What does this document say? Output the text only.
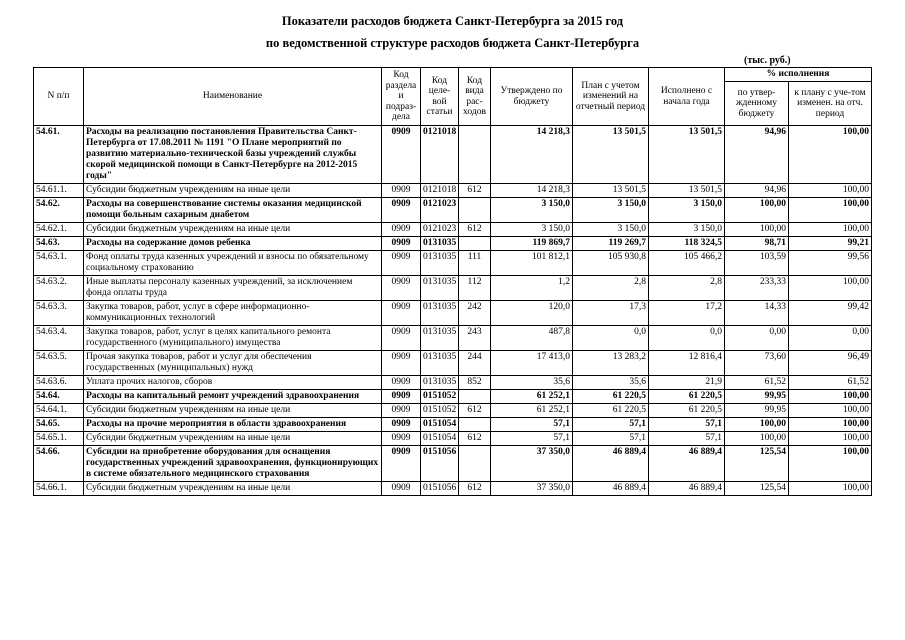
Показатели расходов бюджета Санкт-Петербурга за 2015 год
по ведомственной структуре расходов бюджета Санкт-Петербурга
(тыс. руб.)
N п/п	Наименование	Код раздела и подраз-дела	Код целе-вой статьи	Код вида рас-ходов	Утверждено по бюджету	План с учетом изменений на отчетный период	Исполнено с начала года	% исполнения	
								по утвер-жденному бюджету	к плану с уче-том изменен. на отч. период
54.61.	Расходы на реализацию постановления Правительства Санкт-Петербурга от 17.08.2011 № 1191 "О Плане мероприятий по развитию материально-технической базы учреждений службы скорой медицинской помощи в Санкт-Петербурге на 2012-2015 годы"	0909	0121018		14 218,3	13 501,5	13 501,5	94,96	100,00
54.61.1.	Субсидии бюджетным учреждениям на иные цели	0909	0121018	612	14 218,3	13 501,5	13 501,5	94,96	100,00
54.62.	Расходы на совершенствование системы оказания медицинской помощи больным сахарным диабетом	0909	0121023		3 150,0	3 150,0	3 150,0	100,00	100,00
54.62.1.	Субсидии бюджетным учреждениям на иные цели	0909	0121023	612	3 150,0	3 150,0	3 150,0	100,00	100,00
54.63.	Расходы на содержание домов ребенка	0909	0131035		119 869,7	119 269,7	118 324,5	98,71	99,21
54.63.1.	Фонд оплаты труда казенных учреждений и взносы по обязательному социальному страхованию	0909	0131035	111	101 812,1	105 930,8	105 466,2	103,59	99,56
54.63.2.	Иные выплаты персоналу казенных учреждений, за исключением фонда оплаты труда	0909	0131035	112	1,2	2,8	2,8	233,33	100,00
54.63.3.	Закупка товаров, работ, услуг в сфере информационно-коммуникационных технологий	0909	0131035	242	120,0	17,3	17,2	14,33	99,42
54.63.4.	Закупка товаров, работ, услуг в целях капитального ремонта государственного (муниципального) имущества	0909	0131035	243	487,8	0,0	0,0	0,00	0,00
54.63.5.	Прочая закупка товаров, работ и услуг для обеспечения государственных (муниципальных) нужд	0909	0131035	244	17 413,0	13 283,2	12 816,4	73,60	96,49
54.63.6.	Уплата прочих налогов, сборов	0909	0131035	852	35,6	35,6	21,9	61,52	61,52
54.64.	Расходы на капитальный ремонт учреждений здравоохранения	0909	0151052		61 252,1	61 220,5	61 220,5	99,95	100,00
54.64.1.	Субсидии бюджетным учреждениям на иные цели	0909	0151052	612	61 252,1	61 220,5	61 220,5	99,95	100,00
54.65.	Расходы на прочие мероприятия в области здравоохранения	0909	0151054		57,1	57,1	57,1	100,00	100,00
54.65.1.	Субсидии бюджетным учреждениям на иные цели	0909	0151054	612	57,1	57,1	57,1	100,00	100,00
54.66.	Субсидии на приобретение оборудования для оснащения государственных учреждений здравоохранения, функционирующих в системе обязательного медицинского страхования	0909	0151056		37 350,0	46 889,4	46 889,4	125,54	100,00
54.66.1.	Субсидии бюджетным учреждениям на иные цели	0909	0151056	612	37 350,0	46 889,4	46 889,4	125,54	100,00
